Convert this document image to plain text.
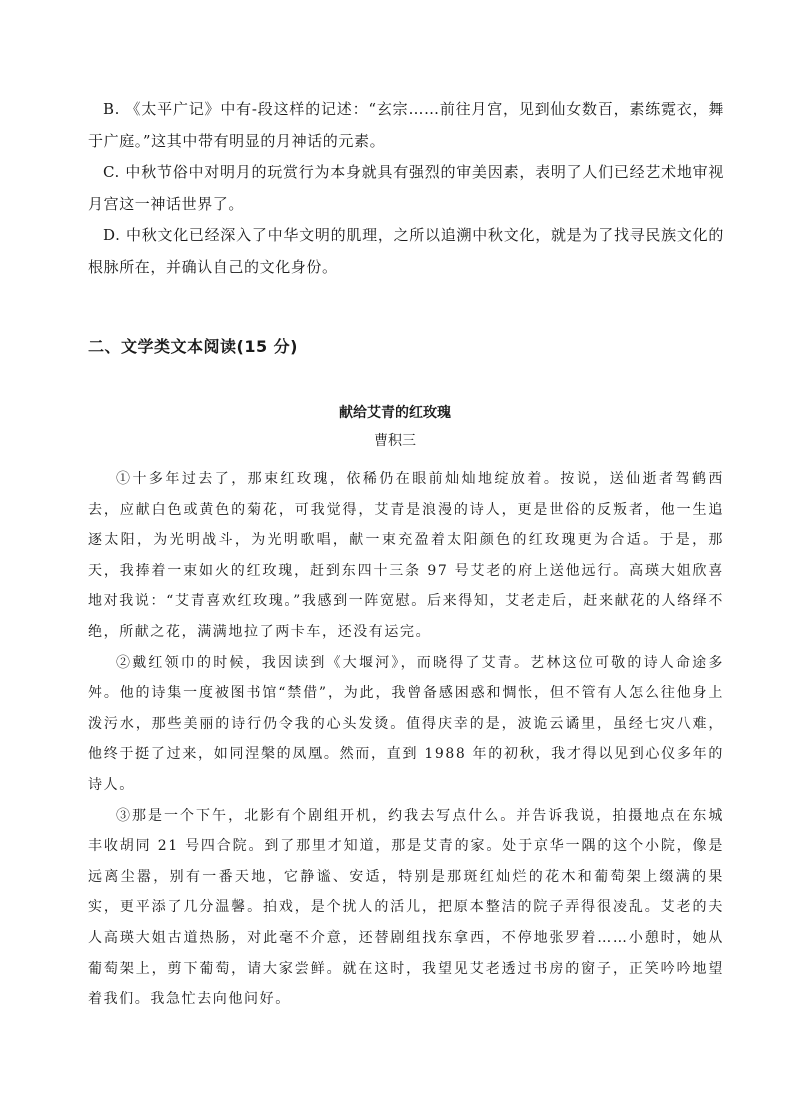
B. 《太平广记》中有-段这样的记述：“玄宗……前往月宫，见到仙女数百，素练霓衣，舞于广庭。”这其中带有明显的月神话的元素。

C. 中秋节俗中对明月的玩赏行为本身就具有强烈的审美因素，表明了人们已经艺术地审视月宫这一神话世界了。

D. 中秋文化已经深入了中华文明的肌理，之所以追溯中秋文化，就是为了找寻民族文化的根脉所在，并确认自己的文化身份。

二、文学类文本阅读(15 分)
献给艾青的红玫瑰
曹积三

①十多年过去了，那束红玫瑰，依稀仍在眼前灿灿地绽放着。按说，送仙逝者驾鹤西去，应献白色或黄色的菊花，可我觉得，艾青是浪漫的诗人，更是世俗的反叛者，他一生追逐太阳，为光明战斗，为光明歌唱，献一束充盈着太阳颜色的红玫瑰更为合适。于是，那天，我捧着一束如火的红玫瑰，赶到东四十三条 97 号艾老的府上送他远行。高瑛大姐欣喜地对我说：“艾青喜欢红玫瑰。”我感到一阵宽慰。后来得知，艾老走后，赶来献花的人络绎不绝，所献之花，满满地拉了两卡车，还没有运完。

②戴红领巾的时候，我因读到《大堰河》，而晓得了艾青。艺林这位可敬的诗人命途多舛。他的诗集一度被图书馆“禁借”，为此，我曾备感困惑和惆怅，但不管有人怎么往他身上泼污水，那些美丽的诗行仍令我的心头发烫。值得庆幸的是，波诡云谲里，虽经七灾八难，他终于挺了过来，如同涅槃的凤凰。然而，直到 1988 年的初秋，我才得以见到心仪多年的诗人。

③那是一个下午，北影有个剧组开机，约我去写点什么。并告诉我说，拍摄地点在东城丰收胡同 21 号四合院。到了那里才知道，那是艾青的家。处于京华一隅的这个小院，像是远离尘嚣，别有一番天地，它静谧、安适，特别是那斑红灿烂的花木和葡萄架上缀满的果实，更平添了几分温馨。拍戏，是个扰人的活儿，把原本整洁的院子弄得很凌乱。艾老的夫人高瑛大姐古道热肠，对此毫不介意，还替剧组找东拿西，不停地张罗着……小憩时，她从葡萄架上，剪下葡萄，请大家尝鲜。就在这时，我望见艾老透过书房的窗子，正笑吟吟地望着我们。我急忙去向他问好。
